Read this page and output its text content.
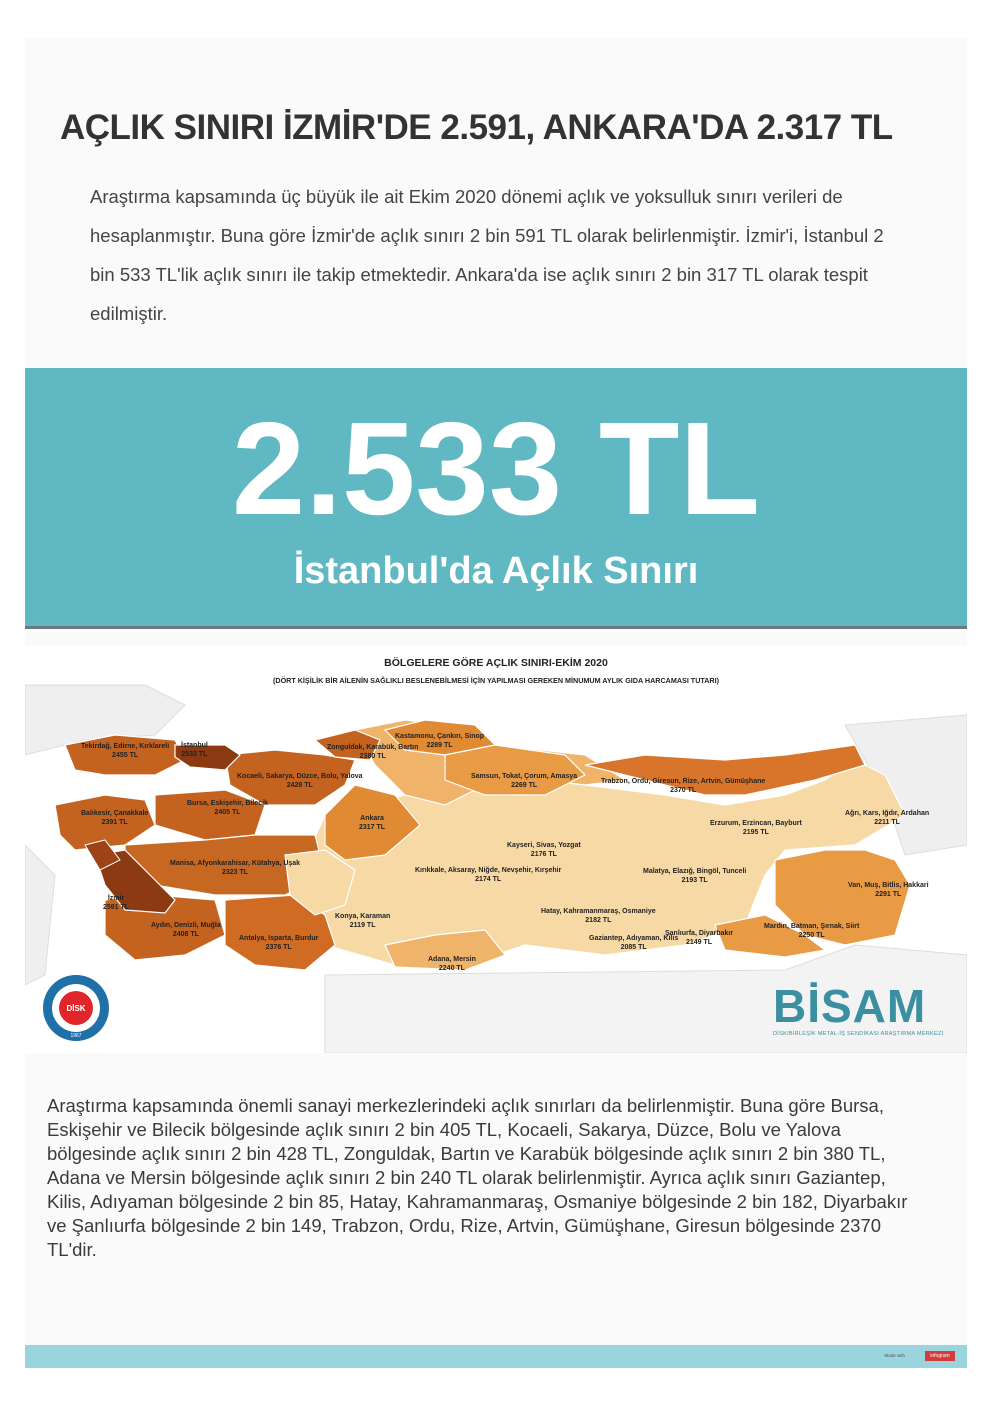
AÇLIK SINIRI İZMİR'DE 2.591, ANKARA'DA 2.317 TL

Araştırma kapsamında üç büyük ile ait Ekim 2020 dönemi açlık ve yoksulluk sınırı verileri de hesaplanmıştır. Buna göre İzmir'de açlık sınırı 2 bin 591 TL olarak belirlenmiştir. İzmir'i, İstanbul 2 bin 533 TL'lik açlık sınırı ile takip etmektedir. Ankara'da ise açlık sınırı 2 bin 317 TL olarak tespit edilmiştir.

2.533 TL
İstanbul'da Açlık Sınırı
BÖLGELERE GÖRE AÇLIK SINIRI-EKİM 2020
(DÖRT KİŞİLİK BİR AİLENİN SAĞLIKLI BESLENEBİLMESİ İÇİN YAPILMASI GEREKEN MİNUMUM AYLIK GIDA HARCAMASI TUTARI)
Tekirdağ, Edirne, Kırklareli
2455 TL
İstanbul
2533 TL
Zonguldak, Karabük, Bartın
2380 TL
Kastamonu, Çankırı, Sinop
2289 TL
Kocaeli, Sakarya, Düzce, Bolu, Yalova
2428 TL
Samsun, Tokat, Çorum, Amasya
2269 TL	Trabzon, Ordu, Giresun, Rize, Artvin, Gümüşhane
2370 TL
Balıkesir, Çanakkale
2391 TL
Bursa, Eskişehir, Bilecik
2405 TL
Ankara
2317 TL	Erzurum, Erzincan, Bayburt
2195 TL
Ağrı, Kars, Iğdır, Ardahan
2211 TL
Kayseri, Sivas, Yozgat
2176 TL
Manisa, Afyonkarahisar, Kütahya, Uşak
2323 TL	Kırıkkale, Aksaray, Niğde, Nevşehir, Kırşehir
2174 TL
Malatya, Elazığ, Bingöl, Tunceli
2193 TL
Van, Muş, Bitlis, Hakkari
2291 TL
İzmir
2591 TL
Konya, Karaman
2119 TL
Hatay, Kahramanmaraş, Osmaniye
2182 TL
Aydın, Denizli, Muğla
2408 TL
Gaziantep, Adıyaman, Kilis
2085 TL
Şanlıurfa, Diyarbakır
2149 TL
Mardin, Batman, Şırnak, Siirt
2250 TL
Antalya, Isparta, Burdur
2376 TL
Adana, Mersin
2240 TL
DİSK
1967
BİSAM
DİSK/BİRLEŞİK METAL-İŞ SENDİKASI ARAŞTIRMA MERKEZİ

Araştırma kapsamında önemli sanayi merkezlerindeki açlık sınırları da belirlenmiştir. Buna göre Bursa, Eskişehir ve Bilecik bölgesinde açlık sınırı 2 bin 405 TL, Kocaeli, Sakarya, Düzce, Bolu ve Yalova bölgesinde açlık sınırı 2 bin 428 TL, Zonguldak, Bartın ve Karabük bölgesinde açlık sınırı 2 bin 380 TL, Adana ve Mersin bölgesinde açlık sınırı 2 bin 240 TL olarak belirlenmiştir. Ayrıca açlık sınırı Gaziantep, Kilis, Adıyaman bölgesinde 2 bin 85, Hatay, Kahramanmaraş, Osmaniye bölgesinde 2 bin 182, Diyarbakır ve Şanlıurfa bölgesinde 2 bin 149, Trabzon, Ordu, Rize, Artvin, Gümüşhane, Giresun bölgesinde 2370 TL'dir.

Made with	infogram
